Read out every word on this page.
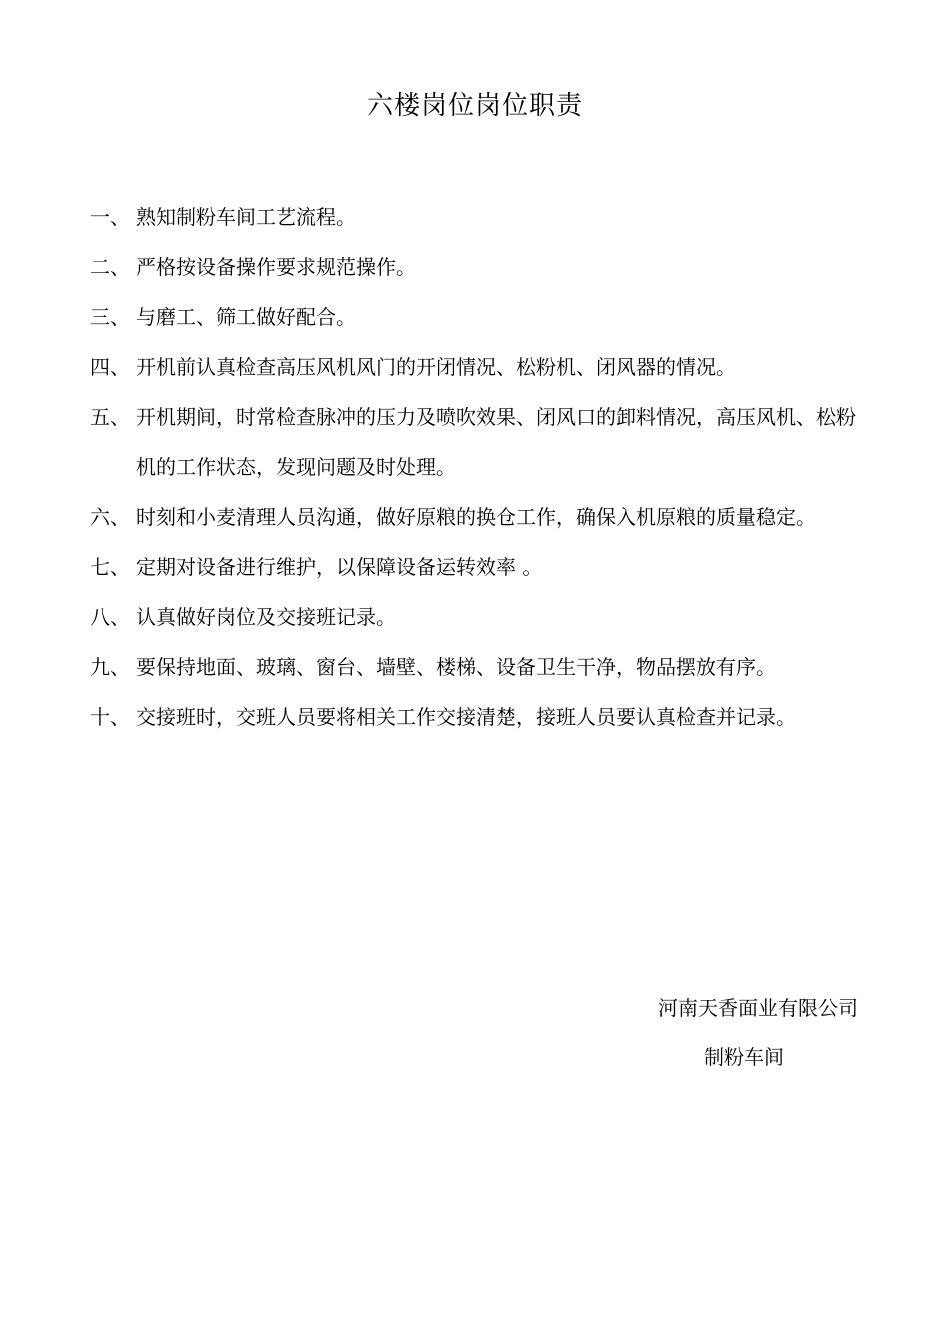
六楼岗位岗位职责
一、 熟知制粉车间工艺流程。
二、 严格按设备操作要求规范操作。
三、 与磨工、筛工做好配合。
四、 开机前认真检查高压风机风门的开闭情况、松粉机、闭风器的情况。
五、 开机期间，时常检查脉冲的压力及喷吹效果、闭风口的卸料情况，高压风机、松粉机的工作状态，发现问题及时处理。
六、 时刻和小麦清理人员沟通，做好原粮的换仓工作，确保入机原粮的质量稳定。
七、 定期对设备进行维护，以保障设备运转效率 。
八、 认真做好岗位及交接班记录。
九、 要保持地面、玻璃、窗台、墙壁、楼梯、设备卫生干净，物品摆放有序。
十、 交接班时，交班人员要将相关工作交接清楚，接班人员要认真检查并记录。
河南天香面业有限公司
制粉车间
